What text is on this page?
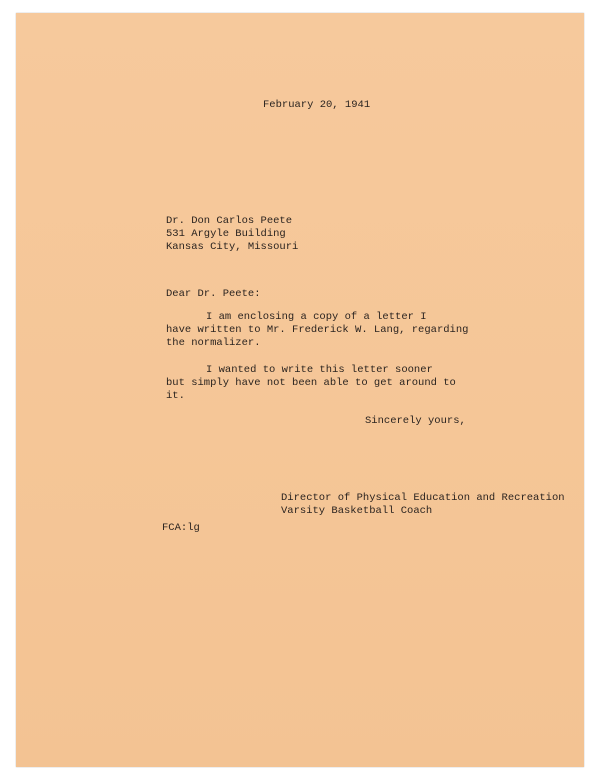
February 20, 1941
Dr. Don Carlos Peete
531 Argyle Building
Kansas City, Missouri
Dear Dr. Peete:
I am enclosing a copy of a letter I
have written to Mr. Frederick W. Lang, regarding
the normalizer.
I wanted to write this letter sooner
but simply have not been able to get around to
it.
Sincerely yours,
Director of Physical Education and Recreation
Varsity Basketball Coach
FCA:lg
